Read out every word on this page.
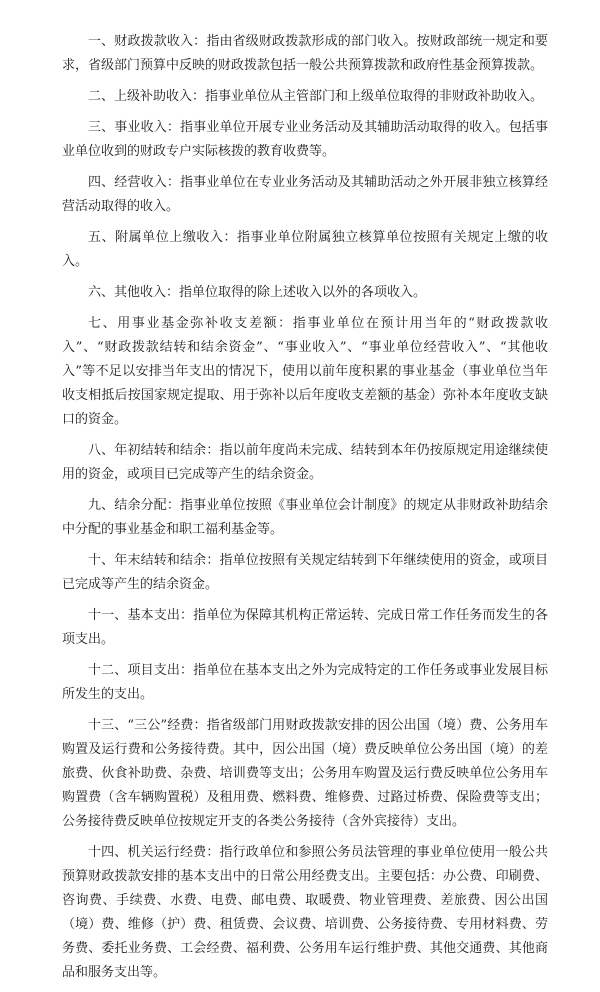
一、财政拨款收入：指由省级财政拨款形成的部门收入。按财政部统一规定和要求，省级部门预算中反映的财政拨款包括一般公共预算拨款和政府性基金预算拨款。

二、上级补助收入：指事业单位从主管部门和上级单位取得的非财政补助收入。

三、事业收入：指事业单位开展专业业务活动及其辅助活动取得的收入。包括事业单位收到的财政专户实际核拨的教育收费等。

四、经营收入：指事业单位在专业业务活动及其辅助活动之外开展非独立核算经营活动取得的收入。

五、附属单位上缴收入：指事业单位附属独立核算单位按照有关规定上缴的收入。

六、其他收入：指单位取得的除上述收入以外的各项收入。

七、用事业基金弥补收支差额：指事业单位在预计用当年的“财政拨款收入”、“财政拨款结转和结余资金”、“事业收入”、“事业单位经营收入”、“其他收入”等不足以安排当年支出的情况下，使用以前年度积累的事业基金（事业单位当年收支相抵后按国家规定提取、用于弥补以后年度收支差额的基金）弥补本年度收支缺口的资金。

八、年初结转和结余：指以前年度尚未完成、结转到本年仍按原规定用途继续使用的资金，或项目已完成等产生的结余资金。

九、结余分配：指事业单位按照《事业单位会计制度》的规定从非财政补助结余中分配的事业基金和职工福利基金等。

十、年末结转和结余：指单位按照有关规定结转到下年继续使用的资金，或项目已完成等产生的结余资金。

十一、基本支出：指单位为保障其机构正常运转、完成日常工作任务而发生的各项支出。

十二、项目支出：指单位在基本支出之外为完成特定的工作任务或事业发展目标所发生的支出。

十三、“三公”经费：指省级部门用财政拨款安排的因公出国（境）费、公务用车购置及运行费和公务接待费。其中，因公出国（境）费反映单位公务出国（境）的差旅费、伙食补助费、杂费、培训费等支出；公务用车购置及运行费反映单位公务用车购置费（含车辆购置税）及租用费、燃料费、维修费、过路过桥费、保险费等支出；公务接待费反映单位按规定开支的各类公务接待（含外宾接待）支出。

十四、机关运行经费：指行政单位和参照公务员法管理的事业单位使用一般公共预算财政拨款安排的基本支出中的日常公用经费支出。主要包括：办公费、印刷费、咨询费、手续费、水费、电费、邮电费、取暖费、物业管理费、差旅费、因公出国（境）费、维修（护）费、租赁费、会议费、培训费、公务接待费、专用材料费、劳务费、委托业务费、工会经费、福利费、公务用车运行维护费、其他交通费、其他商品和服务支出等。
